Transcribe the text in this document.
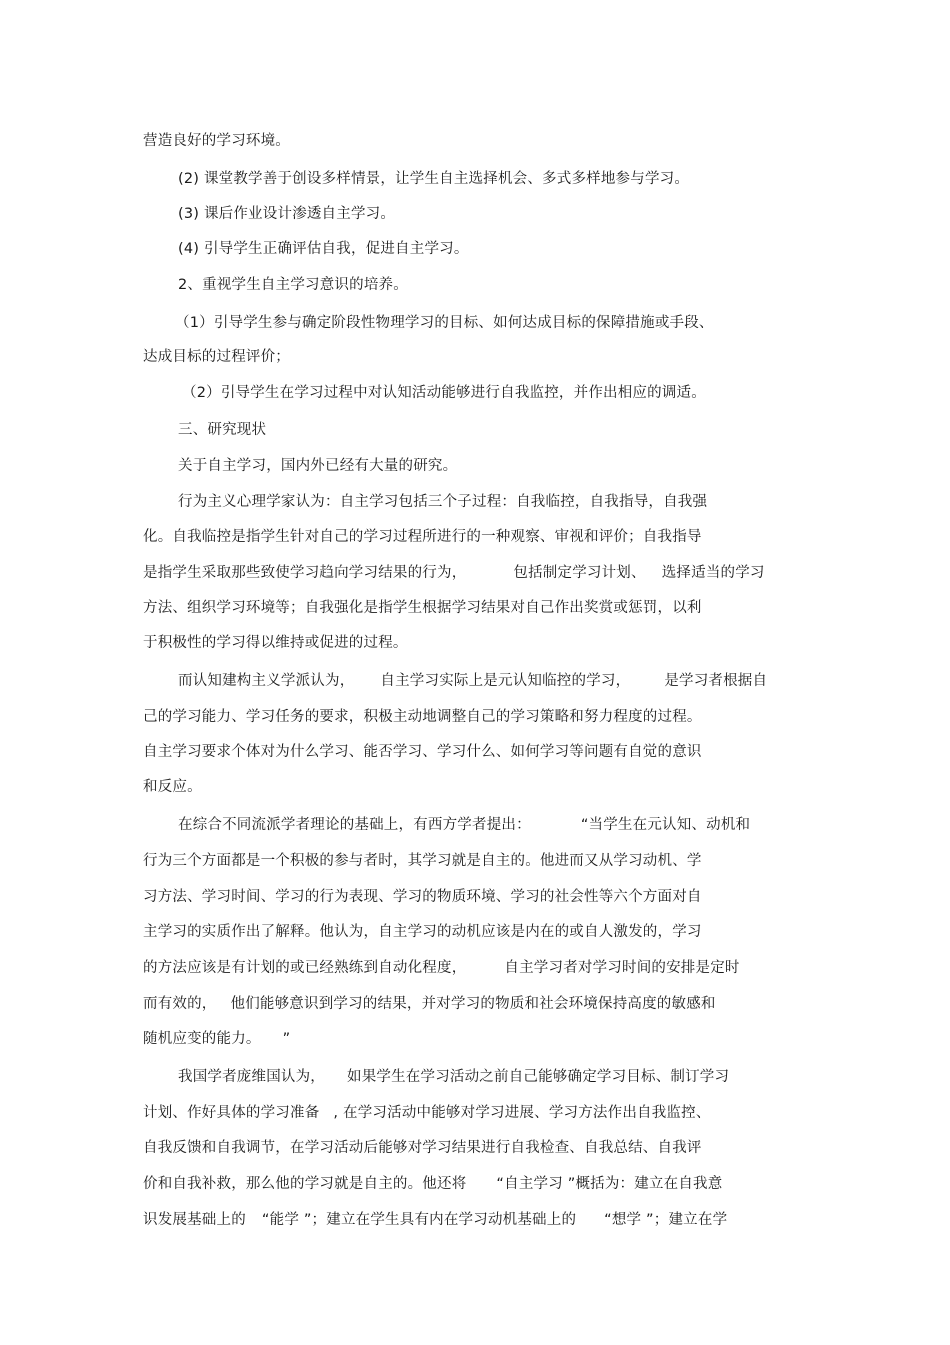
营造良好的学习环境。
(2) 课堂教学善于创设多样情景，让学生自主选择机会、多式多样地参与学习。
(3) 课后作业设计渗透自主学习。
(4) 引导学生正确评估自我，促进自主学习。
2、重视学生自主学习意识的培养。
（1）引导学生参与确定阶段性物理学习的目标、如何达成目标的保障措施或手段、
达成目标的过程评价；
（2）引导学生在学习过程中对认知活动能够进行自我监控，并作出相应的调适。
三、研究现状
关于自主学习，国内外已经有大量的研究。
行为主义心理学家认为：自主学习包括三个子过程：自我临控，自我指导，自我强
化。自我临控是指学生针对自己的学习过程所进行的一种观察、审视和评价；自我指导
是指学生采取那些致使学习趋向学习结果的行为，	包括制定学习计划、 选择适当的学习
方法、组织学习环境等；自我强化是指学生根据学习结果对自己作出奖赏或惩罚，以利
于积极性的学习得以维持或促进的过程。
而认知建构主义学派认为， 自主学习实际上是元认知临控的学习， 是学习者根据自
己的学习能力、学习任务的要求，积极主动地调整自己的学习策略和努力程度的过程。
自主学习要求个体对为什么学习、能否学习、学习什么、如何学习等问题有自觉的意识
和反应。
在综合不同流派学者理论的基础上，有西方学者提出：	“当学生在元认知、动机和
行为三个方面都是一个积极的参与者时，其学习就是自主的。他进而又从学习动机、学
习方法、学习时间、学习的行为表现、学习的物质环境、学习的社会性等六个方面对自
主学习的实质作出了解释。他认为，自主学习的动机应该是内在的或自人激发的，学习
的方法应该是有计划的或已经熟练到自动化程度，	自主学习者对学习时间的安排是定时
而有效的， 他们能够意识到学习的结果，并对学习的物质和社会环境保持高度的敏感和
随机应变的能力。 ”
我国学者庞维国认为， 如果学生在学习活动之前自己能够确定学习目标、制订学习
计划、作好具体的学习准备 , 在学习活动中能够对学习进展、学习方法作出自我监控、
自我反馈和自我调节，在学习活动后能够对学习结果进行自我检查、自我总结、自我评
价和自我补救，那么他的学习就是自主的。他还将 “自主学习 ”概括为：建立在自我意
识发展基础上的 “能学 ”；建立在学生具有内在学习动机基础上的 “想学 ”；建立在学
